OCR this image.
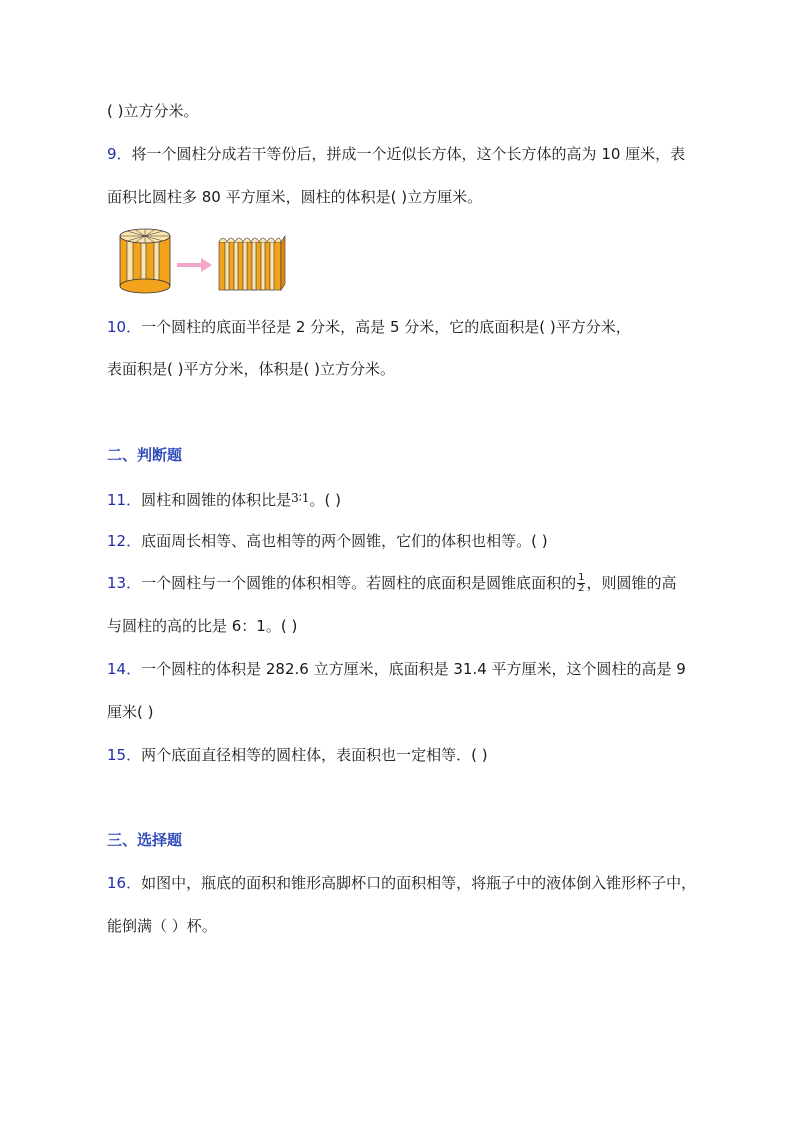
( )立方分米。
9．将一个圆柱分成若干等份后，拼成一个近似长方体，这个长方体的高为 10 厘米，表
面积比圆柱多 80 平方厘米，圆柱的体积是( )立方厘米。
10．一个圆柱的底面半径是 2 分米，高是 5 分米，它的底面积是( )平方分米，
表面积是( )平方分米，体积是( )立方分米。
二、判断题
11．圆柱和圆锥的体积比是$^{3∶1}$。( )
12．底面周长相等、高也相等的两个圆锥，它们的体积也相等。( )
13．一个圆柱与一个圆锥的体积相等。若圆柱的底面积是圆锥底面积的 $\frac{1}{2}$ ，则圆锥的高
与圆柱的高的比是 6：1。( )
14．一个圆柱的体积是 282.6 立方厘米，底面积是 31.4 平方厘米，这个圆柱的高是 9
厘米( )
15．两个底面直径相等的圆柱体，表面积也一定相等．( )
三、选择题
16．如图中，瓶底的面积和锥形高脚杯口的面积相等，将瓶子中的液体倒入锥形杯子中，
能倒满（ ）杯。
